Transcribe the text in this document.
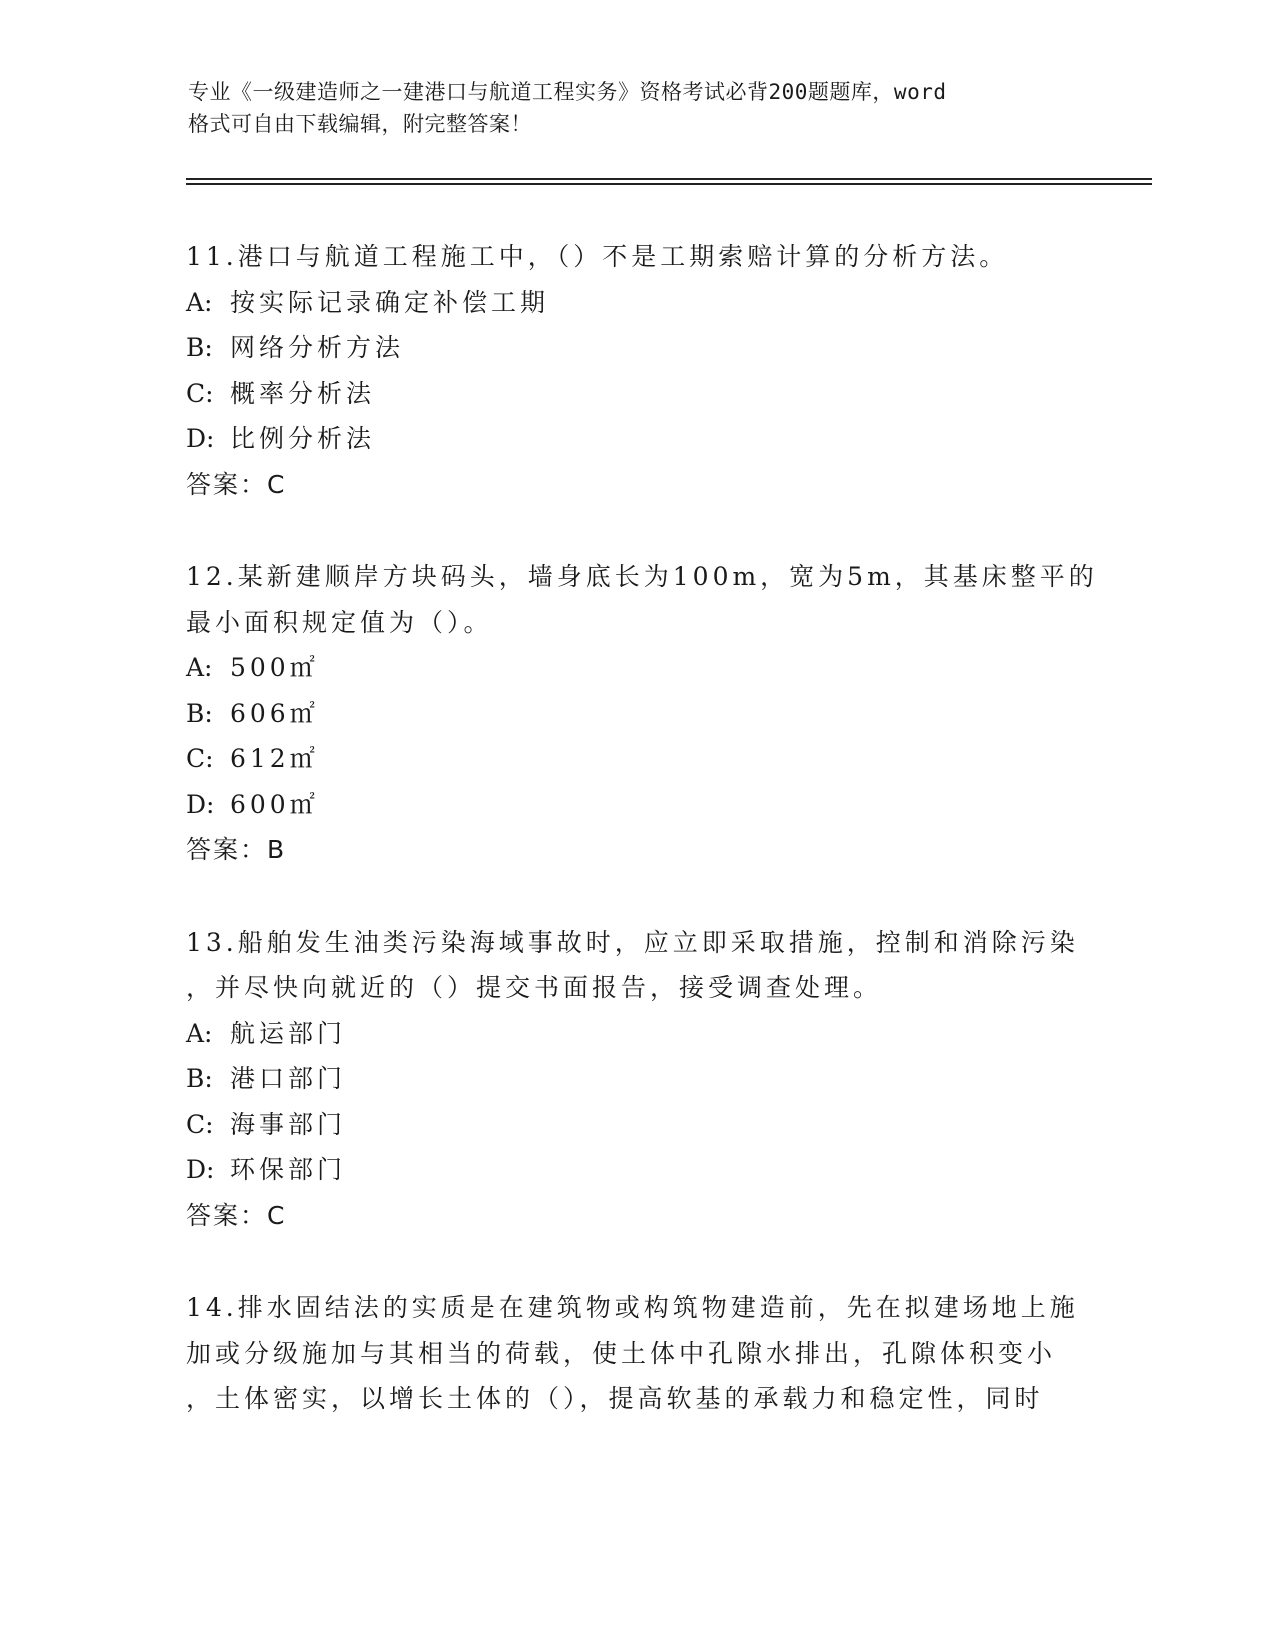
专业《一级建造师之一建港口与航道工程实务》资格考试必背200题题库，word
格式可自由下载编辑，附完整答案！
11.港口与航道工程施工中，（）不是工期索赔计算的分析方法。
A: 按实际记录确定补偿工期
B: 网络分析方法
C: 概率分析法
D: 比例分析法
答案：C
12.某新建顺岸方块码头，墙身底长为100m，宽为5m，其基床整平的
最小面积规定值为（）。
A: 500㎡
B: 606㎡
C: 612㎡
D: 600㎡
答案：B
13.船舶发生油类污染海域事故时，应立即采取措施，控制和消除污染
，并尽快向就近的（）提交书面报告，接受调查处理。
A: 航运部门
B: 港口部门
C: 海事部门
D: 环保部门
答案：C
14.排水固结法的实质是在建筑物或构筑物建造前，先在拟建场地上施
加或分级施加与其相当的荷载，使土体中孔隙水排出，孔隙体积变小
，土体密实，以增长土体的（），提高软基的承载力和稳定性，同时
